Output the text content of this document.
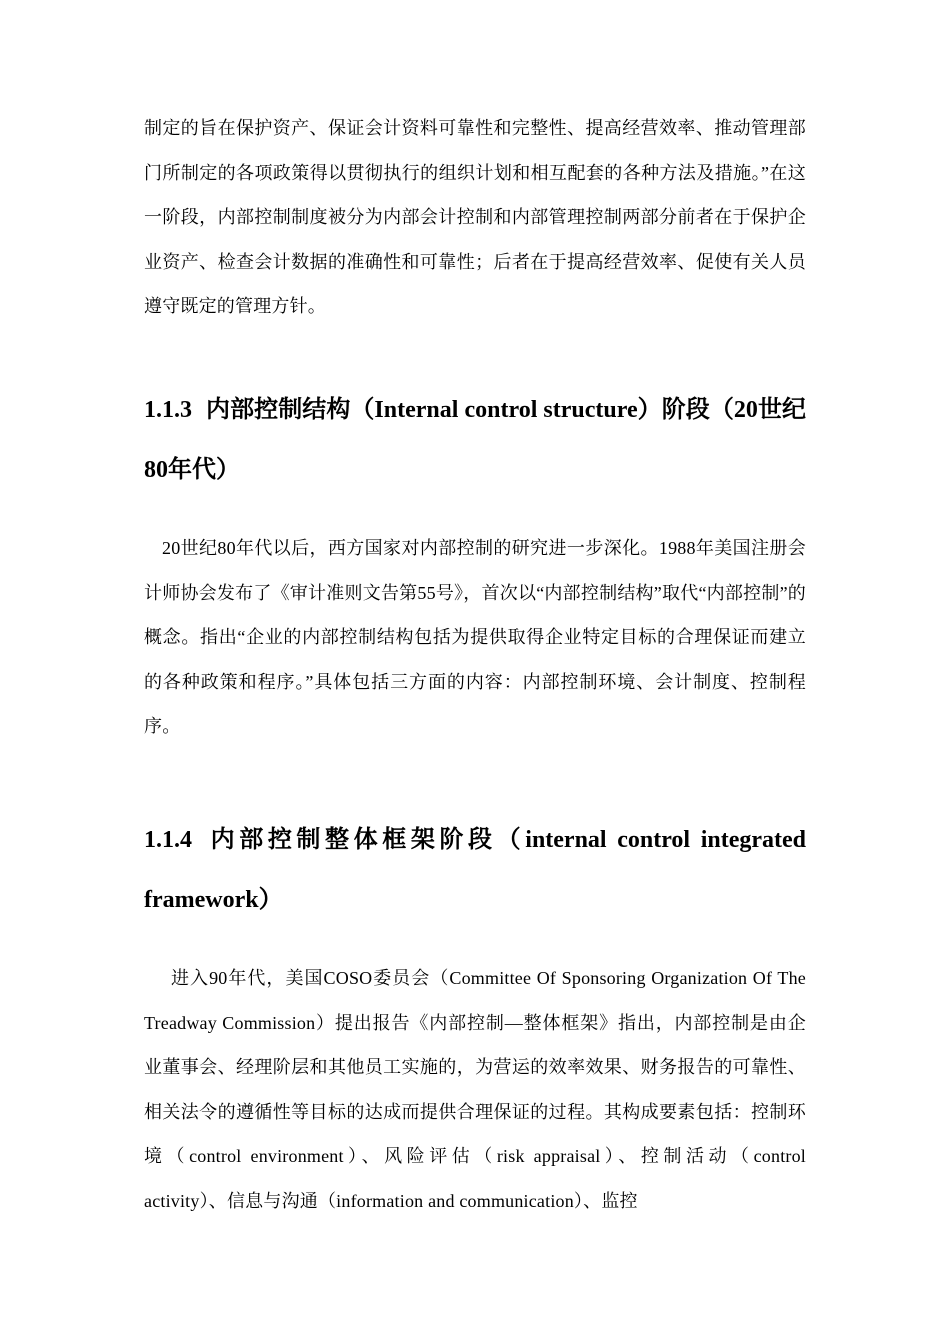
制定的旨在保护资产、保证会计资料可靠性和完整性、提高经营效率、推动管理部门所制定的各项政策得以贯彻执行的组织计划和相互配套的各种方法及措施。”在这一阶段，内部控制制度被分为内部会计控制和内部管理控制两部分前者在于保护企业资产、检查会计数据的准确性和可靠性；后者在于提高经营效率、促使有关人员遵守既定的管理方针。

1.1.3 内部控制结构（Internal control structure）阶段（20世纪80年代）

20世纪80年代以后，西方国家对内部控制的研究进一步深化。1988年美国注册会计师协会发布了《审计准则文告第55号》，首次以“内部控制结构”取代“内部控制”的概念。指出“企业的内部控制结构包括为提供取得企业特定目标的合理保证而建立的各种政策和程序。”具体包括三方面的内容：内部控制环境、会计制度、控制程序。

1.1.4 内部控制整体框架阶段（internal control integrated framework）

进入90年代，美国COSO委员会（Committee Of Sponsoring Organization Of The Treadway Commission）提出报告《内部控制—整体框架》指出，内部控制是由企业董事会、经理阶层和其他员工实施的，为营运的效率效果、财务报告的可靠性、相关法令的遵循性等目标的达成而提供合理保证的过程。其构成要素包括：控制环境（control environment）、风险评估（risk appraisal）、控制活动（control activity）、信息与沟通（information and communication）、监控
